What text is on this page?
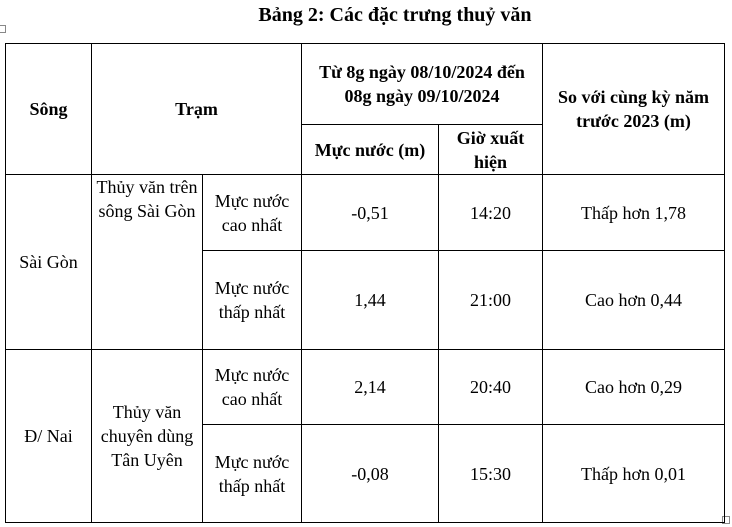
Bảng 2: Các đặc trưng thuỷ văn
Sông	Trạm		Từ 8g ngày 08/10/2024 đến 08g ngày 09/10/2024		So với cùng kỳ năm trước 2023 (m)
			Mực nước (m)	Giờ xuất hiện	
Sài Gòn	Thủy văn trên sông Sài Gòn	Mực nước cao nhất	-0,51	14:20	Thấp hơn 1,78
		Mực nước thấp nhất	1,44	21:00	Cao hơn 0,44
Đ/ Nai	Thủy văn chuyên dùng Tân Uyên	Mực nước cao nhất	2,14	20:40	Cao hơn 0,29
		Mực nước thấp nhất	-0,08	15:30	Thấp hơn 0,01
